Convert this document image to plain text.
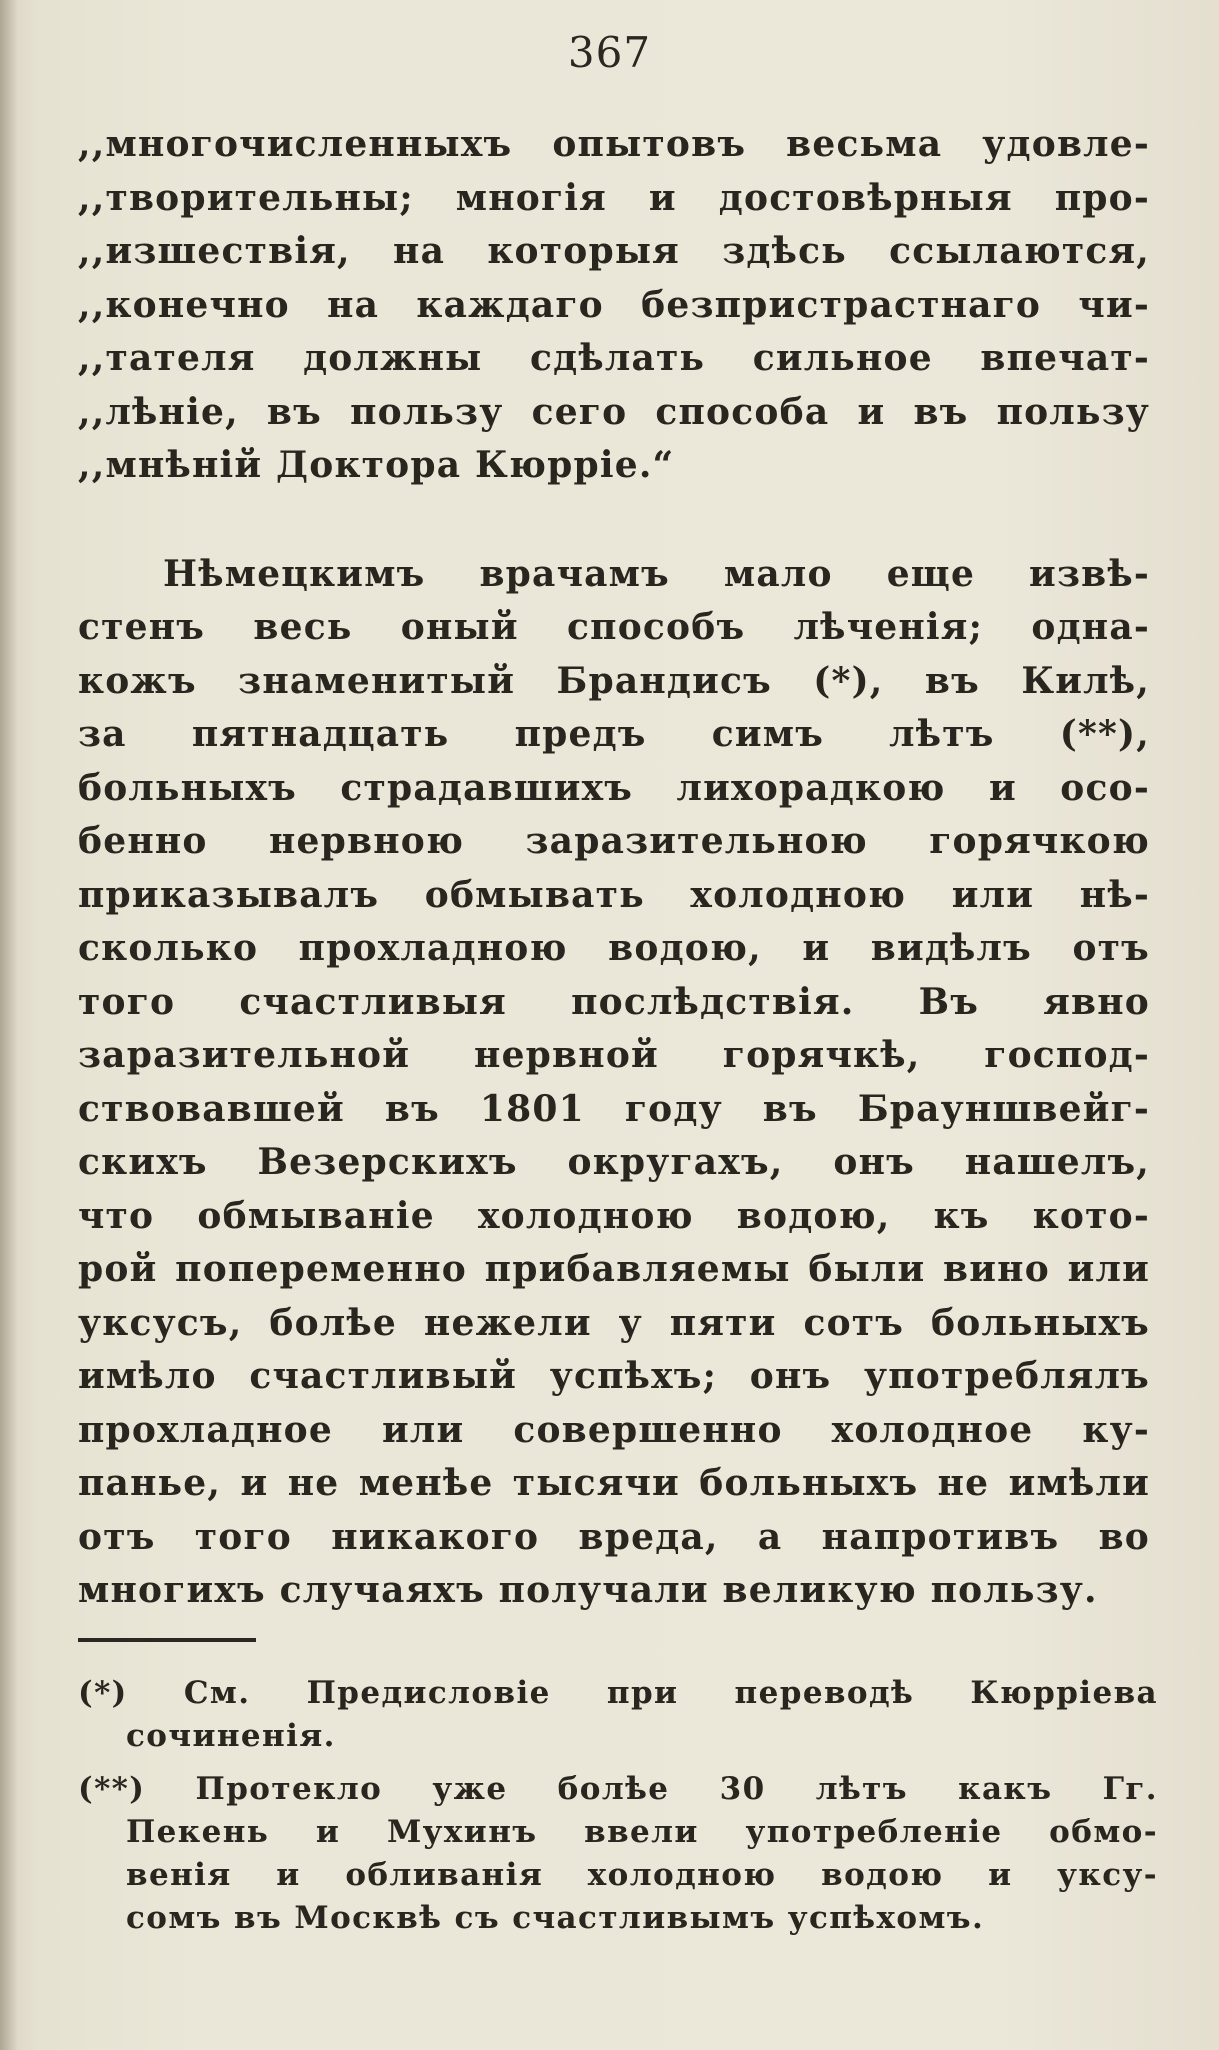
367
,,многочисленныхъ опытовъ весьма удовле-
,,творительны; многія и достовѣрныя про-
,,изшествія, на которыя здѣсь ссылаются,
,,конечно на каждаго безпристрастнаго чи-
,,тателя должны сдѣлать сильное впечат-
,,лѣніе, въ пользу сего способа и въ пользу
,,мнѣній Доктора Кюрріе.“
Нѣмецкимъ врачамъ мало еще извѣ-
стенъ весь оный способъ лѣченія; одна-
кожъ знаменитый Брандисъ (*), въ Килѣ,
за пятнадцать предъ симъ лѣтъ (**),
больныхъ страдавшихъ лихорадкою и осо-
бенно нервною заразительною горячкою
приказывалъ обмывать холодною или нѣ-
сколько прохладною водою, и видѣлъ отъ
того счастливыя послѣдствія. Въ явно
заразительной нервной горячкѣ, господ-
ствовавшей въ 1801 году въ Брауншвейг-
скихъ Везерскихъ округахъ, онъ нашелъ,
что обмываніе холодною водою, къ кото-
рой попеременно прибавляемы были вино или
уксусъ, болѣе нежели у пяти сотъ больныхъ
имѣло счастливый успѣхъ; онъ употреблялъ
прохладное или совершенно холодное ку-
панье, и не менѣе тысячи больныхъ не имѣли
отъ того никакого вреда, а напротивъ во
многихъ случаяхъ получали великую пользу.
(*) См. Предисловіе при переводѣ Кюрріева
сочиненія.
(**) Протекло уже болѣе 30 лѣтъ какъ Гг.
Пекень и Мухинъ ввели употребленіе обмо-
венія и обливанія холодною водою и уксу-
сомъ въ Москвѣ съ счастливымъ успѣхомъ.
